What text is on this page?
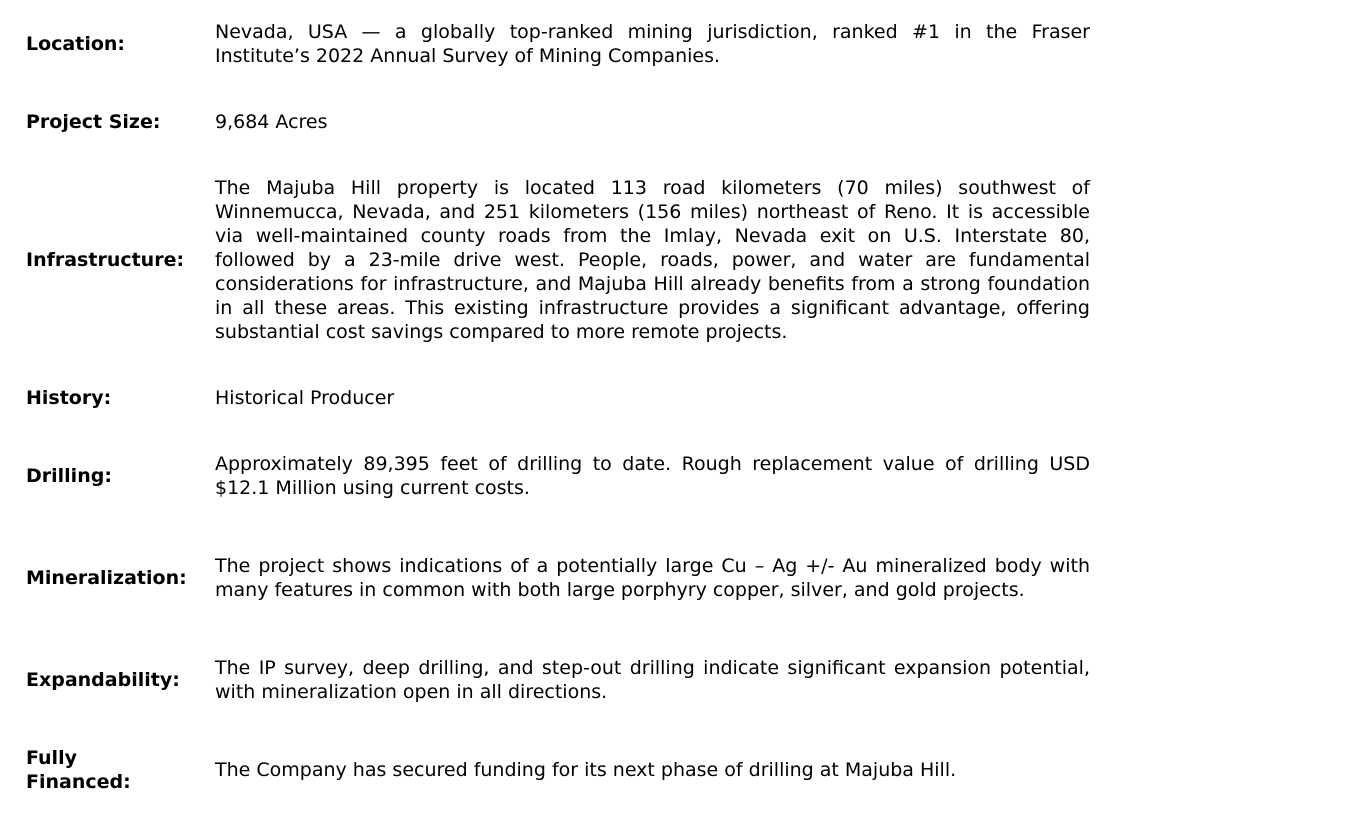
Location:
Nevada, USA — a globally top-ranked mining jurisdiction, ranked #1 in the Fraser Institute’s 2022 Annual Survey of Mining Companies.
Project Size:	9,684 Acres
Infrastructure:
The Majuba Hill property is located 113 road kilometers (70 miles) southwest of Winnemucca, Nevada, and 251 kilometers (156 miles) northeast of Reno. It is accessible via well-maintained county roads from the Imlay, Nevada exit on U.S. Interstate 80, followed by a 23-mile drive west. People, roads, power, and water are fundamental considerations for infrastructure, and Majuba Hill already benefits from a strong foundation in all these areas. This existing infrastructure provides a significant advantage, offering substantial cost savings compared to more remote projects.
History:	Historical Producer
Drilling:
Approximately 89,395 feet of drilling to date. Rough replacement value of drilling USD $12.1 Million using current costs.
Mineralization:
The project shows indications of a potentially large Cu – Ag +/- Au mineralized body with many features in common with both large porphyry copper, silver, and gold projects.
Expandability:
The IP survey, deep drilling, and step-out drilling indicate significant expansion potential, with mineralization open in all directions.
Fully Financed:
The Company has secured funding for its next phase of drilling at Majuba Hill.
